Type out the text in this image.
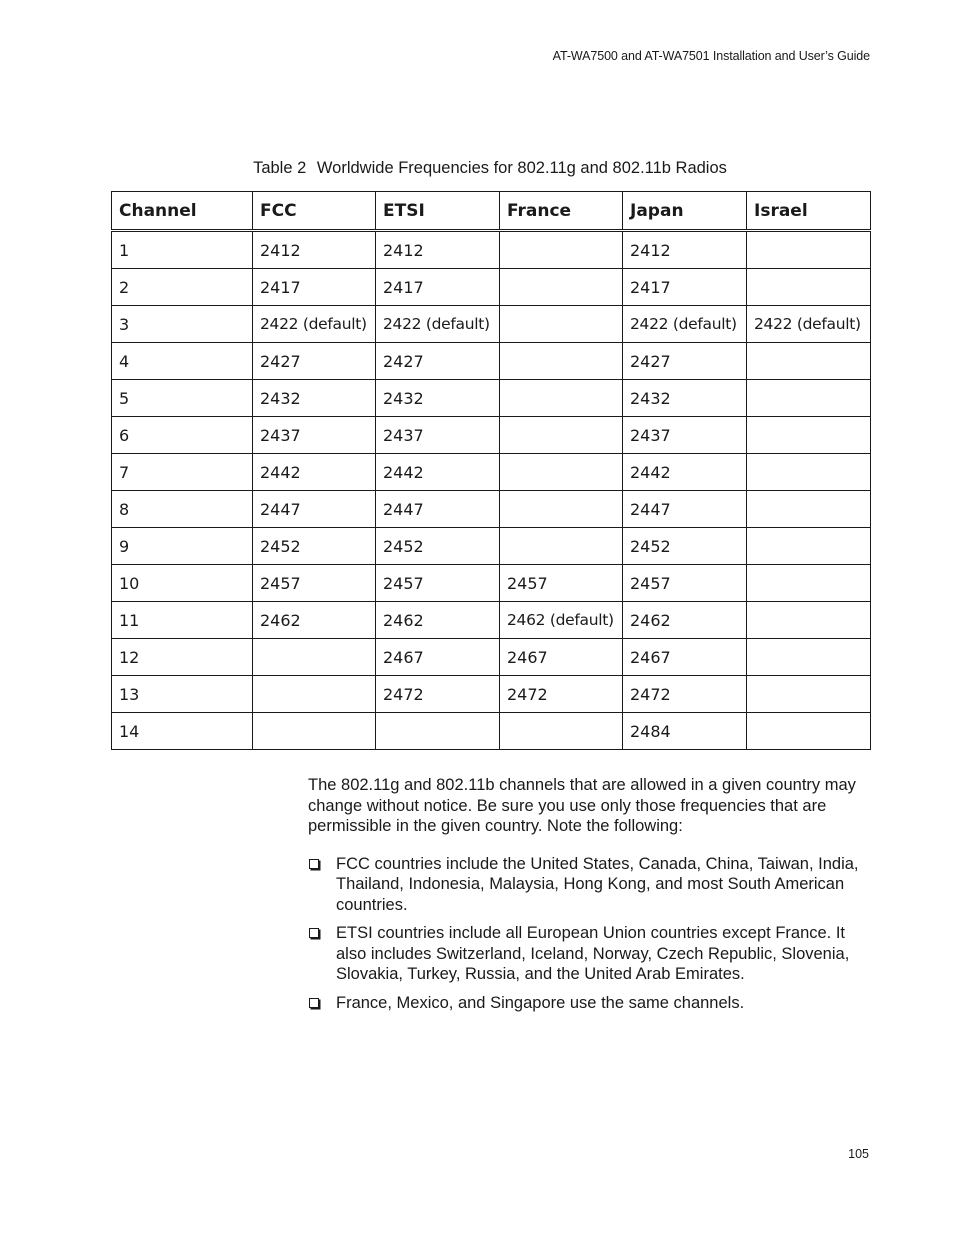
AT-WA7500 and AT-WA7501 Installation and User’s Guide
Table 2 Worldwide Frequencies for 802.11g and 802.11b Radios
Channel	FCC	ETSI	France	Japan	Israel
1	2412	2412		2412	
2	2417	2417		2417	
3	2422 (default)	2422 (default)		2422 (default)	2422 (default)
4	2427	2427		2427	
5	2432	2432		2432	
6	2437	2437		2437	
7	2442	2442		2442	
8	2447	2447		2447	
9	2452	2452		2452	
10	2457	2457	2457	2457	
11	2462	2462	2462 (default)	2462	
12		2467	2467	2467	
13		2472	2472	2472	
14				2484	

The 802.11g and 802.11b channels that are allowed in a given country may change without notice. Be sure you use only those frequencies that are permissible in the given country. Note the following:

FCC countries include the United States, Canada, China, Taiwan, India, Thailand, Indonesia, Malaysia, Hong Kong, and most South American countries.
ETSI countries include all European Union countries except France. It also includes Switzerland, Iceland, Norway, Czech Republic, Slovenia, Slovakia, Turkey, Russia, and the United Arab Emirates.
France, Mexico, and Singapore use the same channels.
105
